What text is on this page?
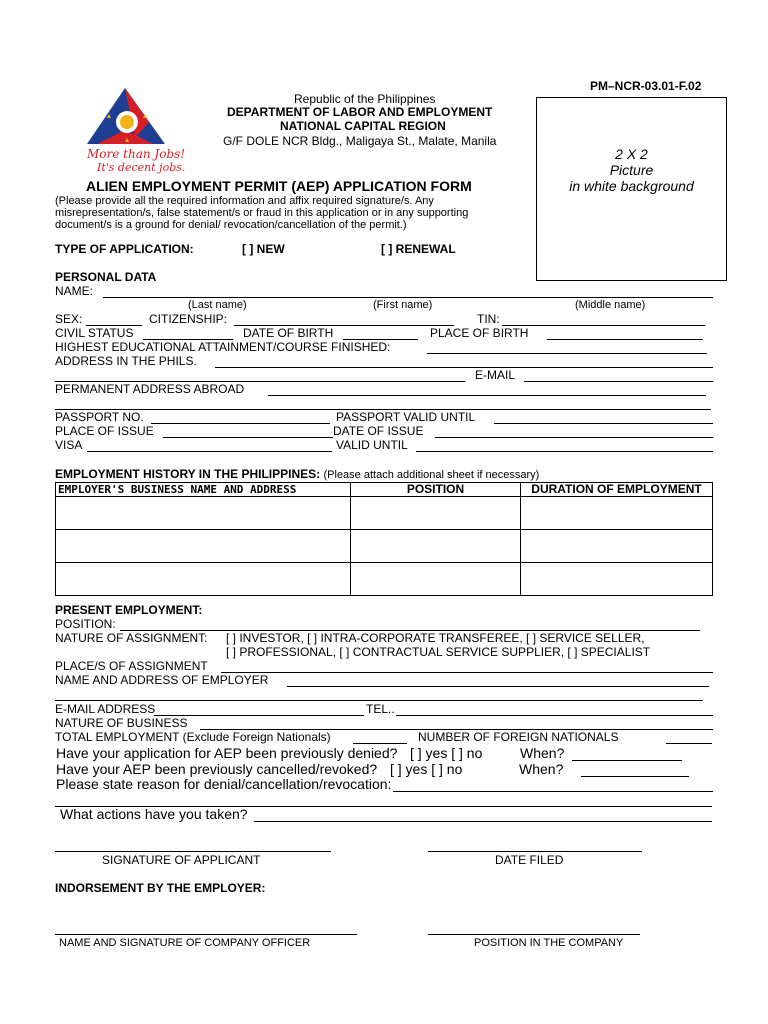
PM–NCR-03.01-F.02
More than Jobs!
It's decent jobs.
Republic of the Philippines
DEPARTMENT OF LABOR AND EMPLOYMENT
NATIONAL CAPITAL REGION
G/F DOLE NCR Bldg., Maligaya St., Malate, Manila
2 X 2
Picture
in white background
ALIEN EMPLOYMENT PERMIT (AEP) APPLICATION FORM
(Please provide all the required information and affix required signature/s. Any
misrepresentation/s, false statement/s or fraud in this application or in any supporting
document/s is a ground for denial/ revocation/cancellation of the permit.)
TYPE OF APPLICATION:	[ ] NEW	[ ] RENEWAL
PERSONAL DATA
NAME:
(Last name)	(First name)	(Middle name)
SEX:	CITIZENSHIP:	TIN:
CIVIL STATUS	DATE OF BIRTH	PLACE OF BIRTH
HIGHEST EDUCATIONAL ATTAINMENT/COURSE FINISHED:
ADDRESS IN THE PHILS.
E-MAIL
PERMANENT ADDRESS ABROAD
PASSPORT NO.	PASSPORT VALID UNTIL
PLACE OF ISSUE	DATE OF ISSUE
VISA	VALID UNTIL
EMPLOYMENT HISTORY IN THE PHILIPPINES: (Please attach additional sheet if necessary)
EMPLOYER'S BUSINESS NAME AND ADDRESS	POSITION	DURATION OF EMPLOYMENT

PRESENT EMPLOYMENT:
POSITION:
NATURE OF ASSIGNMENT: [ ] INVESTOR, [ ] INTRA-CORPORATE TRANSFEREE, [ ] SERVICE SELLER,
[ ] PROFESSIONAL, [ ] CONTRACTUAL SERVICE SUPPLIER, [ ] SPECIALIST
PLACE/S OF ASSIGNMENT
NAME AND ADDRESS OF EMPLOYER
E-MAIL ADDRESS	TEL..
NATURE OF BUSINESS
TOTAL EMPLOYMENT (Exclude Foreign Nationals)	NUMBER OF FOREIGN NATIONALS
Have your application for AEP been previously denied? [ ] yes [ ] no	When?
Have your AEP been previously cancelled/revoked? [ ] yes [ ] no	When?
Please state reason for denial/cancellation/revocation:
What actions have you taken?
SIGNATURE OF APPLICANT	DATE FILED
INDORSEMENT BY THE EMPLOYER:
NAME AND SIGNATURE OF COMPANY OFFICER	POSITION IN THE COMPANY
